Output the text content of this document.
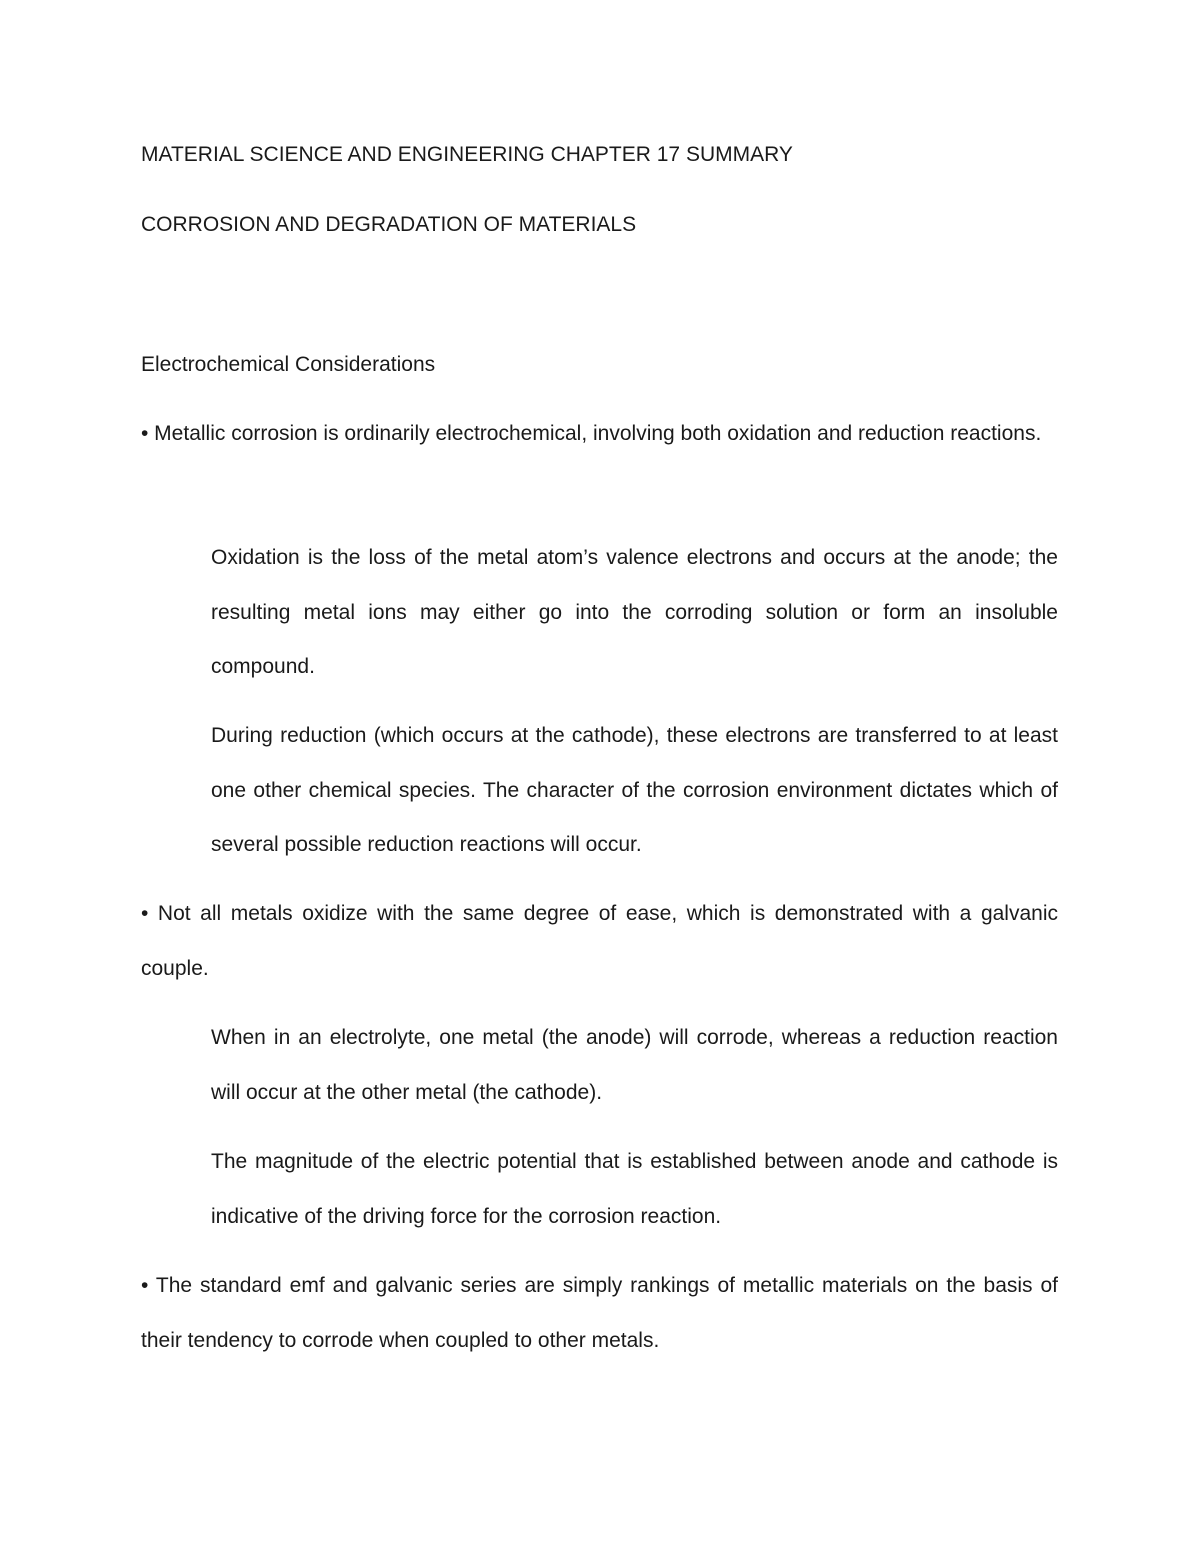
MATERIAL SCIENCE AND ENGINEERING CHAPTER 17 SUMMARY
CORROSION AND DEGRADATION OF MATERIALS
Electrochemical Considerations

• Metallic corrosion is ordinarily electrochemical, involving both oxidation and reduction reactions.

Oxidation is the loss of the metal atom’s valence electrons and occurs at the anode; the resulting metal ions may either go into the corroding solution or form an insoluble compound.

During reduction (which occurs at the cathode), these electrons are transferred to at least one other chemical species. The character of the corrosion environment dictates which of several possible reduction reactions will occur.

• Not all metals oxidize with the same degree of ease, which is demonstrated with a galvanic couple.

When in an electrolyte, one metal (the anode) will corrode, whereas a reduction reaction will occur at the other metal (the cathode).

The magnitude of the electric potential that is established between anode and cathode is indicative of the driving force for the corrosion reaction.

• The standard emf and galvanic series are simply rankings of metallic materials on the basis of their tendency to corrode when coupled to other metals.
